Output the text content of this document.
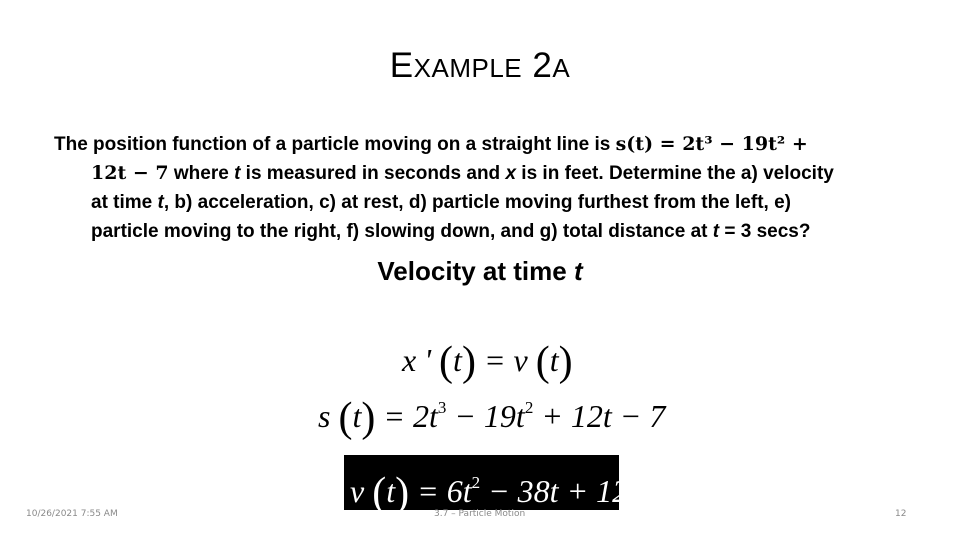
EXAMPLE 2A
The position function of a particle moving on a straight line is s(t) = 2t³ − 19t² +
12t − 7 where t is measured in seconds and x is in feet. Determine the a) velocity
at time t, b) acceleration, c) at rest, d) particle moving furthest from the left, e)
particle moving to the right, f) slowing down, and g) total distance at t = 3 secs?
Velocity at time t
x ' (t) = v (t)
s $(t) = 2t^3 - 19t^2 + 12t - 7$
v $(t) = 6t^2 - 38t + 12$
10/26/2021 7:55 AM	3.7 – Particle Motion	12
